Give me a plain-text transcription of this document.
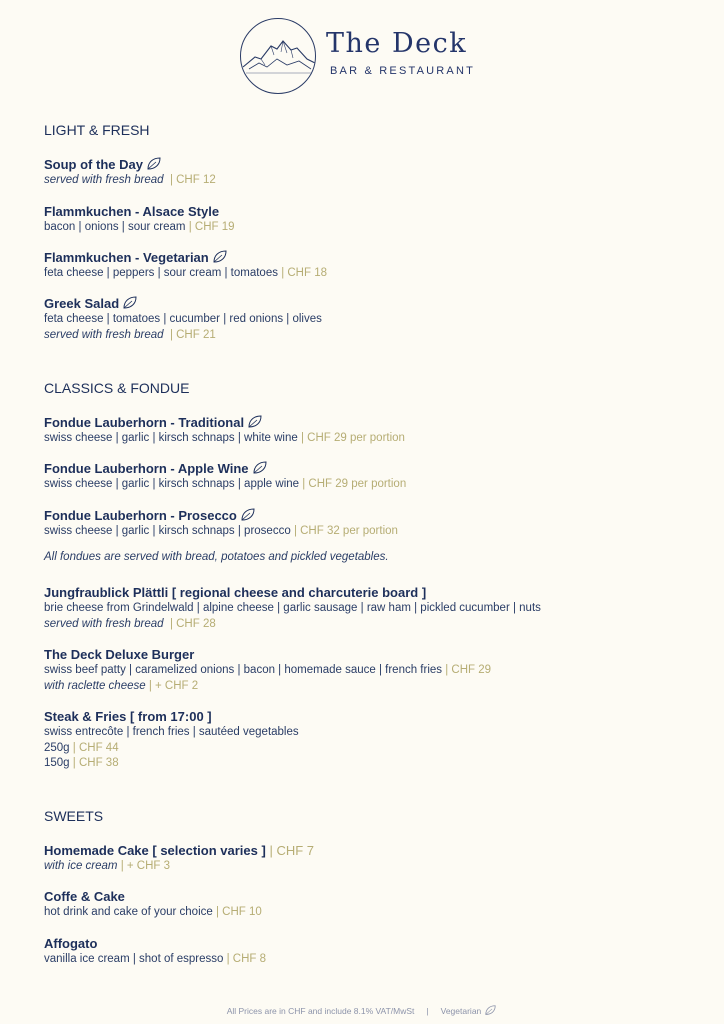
The Deck
BAR & RESTAURANT
LIGHT & FRESH
Soup of the Day
served with fresh bread | CHF 12
Flammkuchen - Alsace Style
bacon | onions | sour cream | CHF 19
Flammkuchen - Vegetarian
feta cheese | peppers | sour cream | tomatoes | CHF 18
Greek Salad
feta cheese | tomatoes | cucumber | red onions | olives
served with fresh bread | CHF 21
CLASSICS & FONDUE
Fondue Lauberhorn - Traditional
swiss cheese | garlic | kirsch schnaps | white wine | CHF 29 per portion
Fondue Lauberhorn - Apple Wine
swiss cheese | garlic | kirsch schnaps | apple wine | CHF 29 per portion
Fondue Lauberhorn - Prosecco
swiss cheese | garlic | kirsch schnaps | prosecco | CHF 32 per portion
All fondues are served with bread, potatoes and pickled vegetables.
Jungfraublick Plättli [ regional cheese and charcuterie board ]
brie cheese from Grindelwald | alpine cheese | garlic sausage | raw ham | pickled cucumber | nuts
served with fresh bread | CHF 28
The Deck Deluxe Burger
swiss beef patty | caramelized onions | bacon | homemade sauce | french fries | CHF 29
with raclette cheese | + CHF 2
Steak & Fries [ from 17:00 ]
swiss entrecôte | french fries | sautéed vegetables
250g | CHF 44
150g | CHF 38
SWEETS
Homemade Cake [ selection varies ] | CHF 7
with ice cream | + CHF 3
Coffe & Cake
hot drink and cake of your choice | CHF 10
Affogato
vanilla ice cream | shot of espresso | CHF 8
All Prices are in CHF and include 8.1% VAT/MwSt | Vegetarian
